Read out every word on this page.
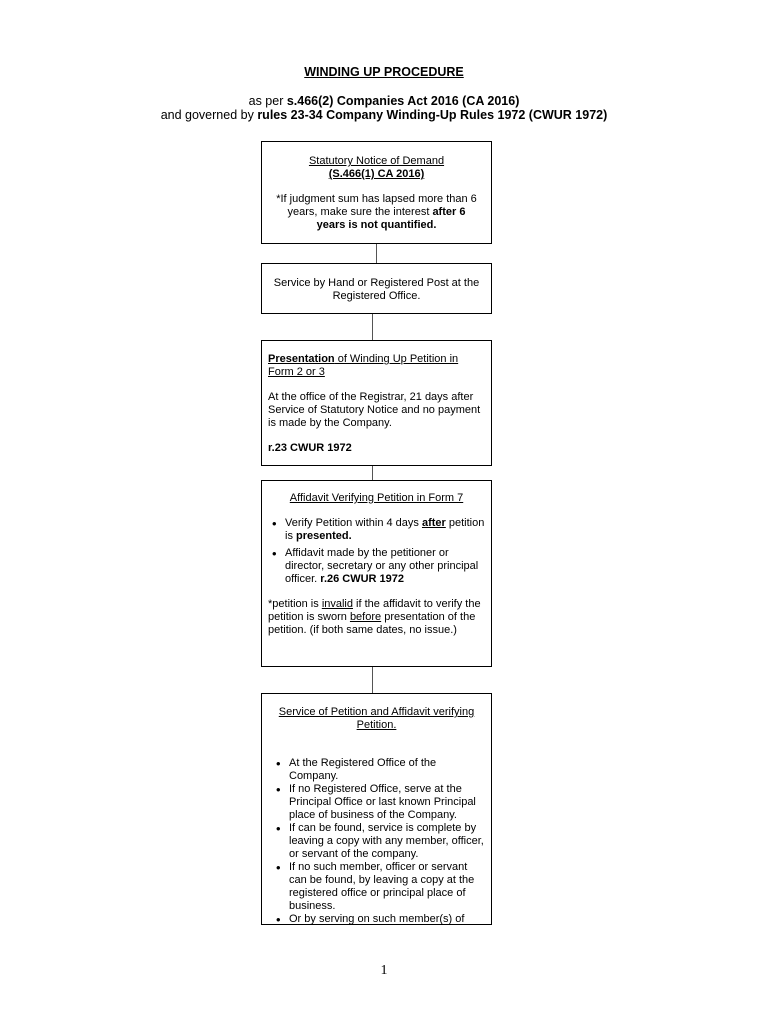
WINDING UP PROCEDURE
as per s.466(2) Companies Act 2016 (CA 2016)
and governed by rules 23-34 Company Winding-Up Rules 1972 (CWUR 1972)

Statutory Notice of Demand

(S.466(1) CA 2016)

*If judgment sum has lapsed more than 6 years, make sure the interest after 6 years is not quantified.

Service by Hand or Registered Post at the Registered Office.

Presentation of Winding Up Petition in Form 2 or 3

At the office of the Registrar, 21 days after Service of Statutory Notice and no payment is made by the Company.

r.23 CWUR 1972

Affidavit Verifying Petition in Form 7

• Verify Petition within 4 days after petition is presented.
• Affidavit made by the petitioner or director, secretary or any other principal officer. r.26 CWUR 1972

*petition is invalid if the affidavit to verify the petition is sworn before presentation of the petition. (if both same dates, no issue.)

Service of Petition and Affidavit verifying Petition.

• At the Registered Office of the Company.
• If no Registered Office, serve at the Principal Office or last known Principal place of business of the Company.
• If can be found, service is complete by leaving a copy with any member, officer, or servant of the company.
• If no such member, officer or servant can be found, by leaving a copy at the registered office or principal place of business.
• Or by serving on such member(s) of
1
